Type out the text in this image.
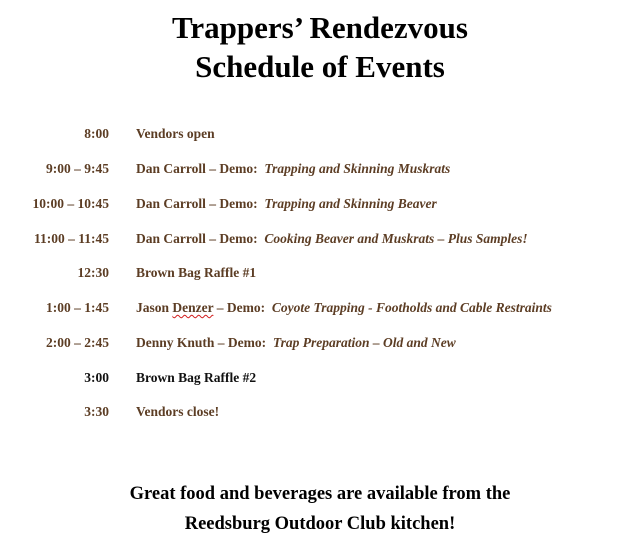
Trappers’ Rendezvous
Schedule of Events
8:00 Vendors open
9:00 – 9:45 Dan Carroll – Demo:  Trapping and Skinning Muskrats
10:00 – 10:45 Dan Carroll – Demo:  Trapping and Skinning Beaver
11:00 – 11:45 Dan Carroll – Demo:  Cooking Beaver and Muskrats – Plus Samples!
12:30 Brown Bag Raffle #1
1:00 – 1:45 Jason Denzer – Demo:  Coyote Trapping - Footholds and Cable Restraints
2:00 – 2:45 Denny Knuth – Demo:  Trap Preparation – Old and New
3:00 Brown Bag Raffle #2
3:30 Vendors close!
Great food and beverages are available from the
Reedsburg Outdoor Club kitchen!
